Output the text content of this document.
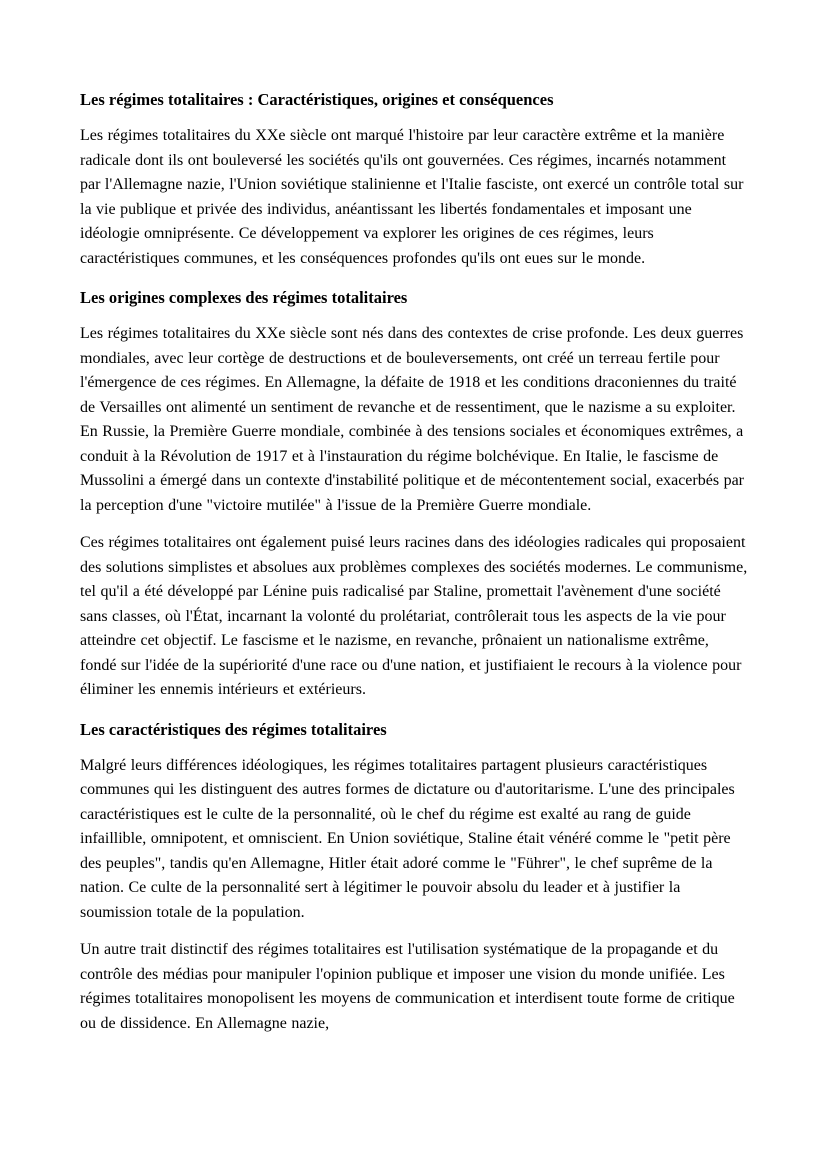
Les régimes totalitaires : Caractéristiques, origines et conséquences

Les régimes totalitaires du XXe siècle ont marqué l'histoire par leur caractère extrême et la manière radicale dont ils ont bouleversé les sociétés qu'ils ont gouvernées. Ces régimes, incarnés notamment par l'Allemagne nazie, l'Union soviétique stalinienne et l'Italie fasciste, ont exercé un contrôle total sur la vie publique et privée des individus, anéantissant les libertés fondamentales et imposant une idéologie omniprésente. Ce développement va explorer les origines de ces régimes, leurs caractéristiques communes, et les conséquences profondes qu'ils ont eues sur le monde.

Les origines complexes des régimes totalitaires

Les régimes totalitaires du XXe siècle sont nés dans des contextes de crise profonde. Les deux guerres mondiales, avec leur cortège de destructions et de bouleversements, ont créé un terreau fertile pour l'émergence de ces régimes. En Allemagne, la défaite de 1918 et les conditions draconiennes du traité de Versailles ont alimenté un sentiment de revanche et de ressentiment, que le nazisme a su exploiter. En Russie, la Première Guerre mondiale, combinée à des tensions sociales et économiques extrêmes, a conduit à la Révolution de 1917 et à l'instauration du régime bolchévique. En Italie, le fascisme de Mussolini a émergé dans un contexte d'instabilité politique et de mécontentement social, exacerbés par la perception d'une "victoire mutilée" à l'issue de la Première Guerre mondiale.

Ces régimes totalitaires ont également puisé leurs racines dans des idéologies radicales qui proposaient des solutions simplistes et absolues aux problèmes complexes des sociétés modernes. Le communisme, tel qu'il a été développé par Lénine puis radicalisé par Staline, promettait l'avènement d'une société sans classes, où l'État, incarnant la volonté du prolétariat, contrôlerait tous les aspects de la vie pour atteindre cet objectif. Le fascisme et le nazisme, en revanche, prônaient un nationalisme extrême, fondé sur l'idée de la supériorité d'une race ou d'une nation, et justifiaient le recours à la violence pour éliminer les ennemis intérieurs et extérieurs.

Les caractéristiques des régimes totalitaires

Malgré leurs différences idéologiques, les régimes totalitaires partagent plusieurs caractéristiques communes qui les distinguent des autres formes de dictature ou d'autoritarisme. L'une des principales caractéristiques est le culte de la personnalité, où le chef du régime est exalté au rang de guide infaillible, omnipotent, et omniscient. En Union soviétique, Staline était vénéré comme le "petit père des peuples", tandis qu'en Allemagne, Hitler était adoré comme le "Führer", le chef suprême de la nation. Ce culte de la personnalité sert à légitimer le pouvoir absolu du leader et à justifier la soumission totale de la population.

Un autre trait distinctif des régimes totalitaires est l'utilisation systématique de la propagande et du contrôle des médias pour manipuler l'opinion publique et imposer une vision du monde unifiée. Les régimes totalitaires monopolisent les moyens de communication et interdisent toute forme de critique ou de dissidence. En Allemagne nazie,
